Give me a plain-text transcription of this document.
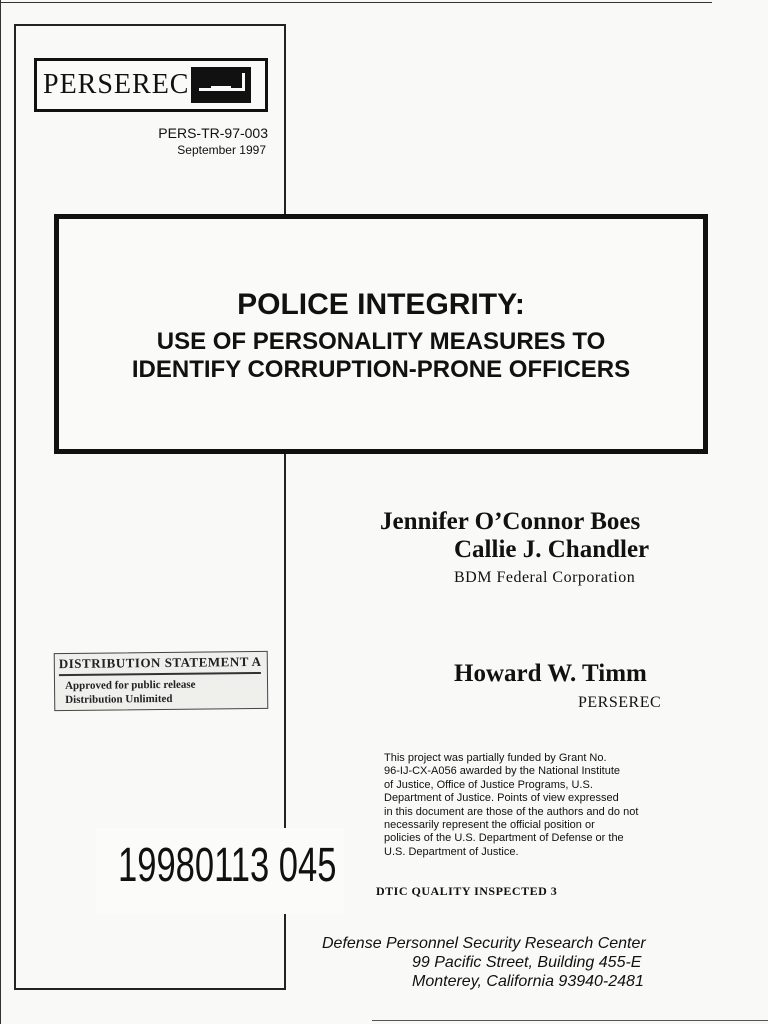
PERSEREC
PERS-TR-97-003
September 1997
POLICE INTEGRITY:
USE OF PERSONALITY MEASURES TO
IDENTIFY CORRUPTION-PRONE OFFICERS
Jennifer O’Connor Boes
Callie J. Chandler
BDM Federal Corporation
Howard W. Timm
PERSEREC
DISTRIBUTION STATEMENT A
Approved for public release
Distribution Unlimited
This project was partially funded by Grant No.
96-IJ-CX-A056 awarded by the National Institute
of Justice, Office of Justice Programs, U.S.
Department of Justice. Points of view expressed
in this document are those of the authors and do not
necessarily represent the official position or
policies of the U.S. Department of Defense or the
U.S. Department of Justice.
19980113 045	DTIC QUALITY INSPECTED 3
Defense Personnel Security Research Center
99 Pacific Street, Building 455-E
Monterey, California 93940-2481
